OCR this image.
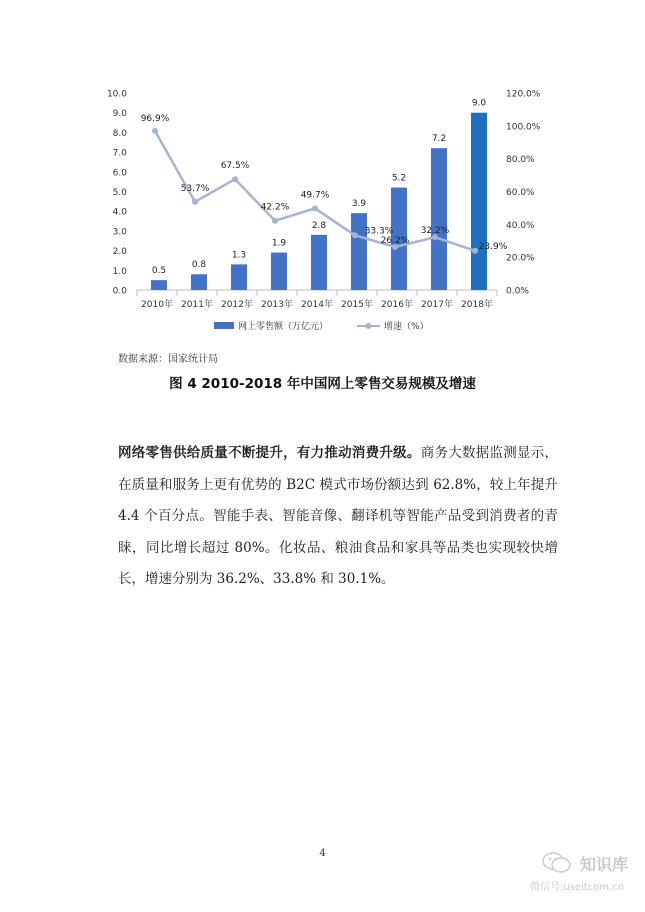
0.0
1.0
2.0
3.0
4.0
5.0
6.0
7.0
8.0
9.0
10.0
0.0%
20.0%
40.0%
60.0%
80.0%
100.0%
120.0%
2010年 2011年 2012年 2013年 2014年 2015年 2016年 2017年 2018年
0.5
0.8
1.3
1.9
2.8
3.9
5.2
7.2
9.0
96.9%
53.7%
67.5%
42.2%
49.7%
33.3%
26.2%
32.2%
23.9%
网上零售额（万亿元）	增速（%）
数据来源：国家统计局
图 4 2010-2018 年中国网上零售交易规模及增速
网络零售供给质量不断提升，有力推动消费升级。商务大数据监测显示，在质量和服务上更有优势的 B2C 模式市场份额达到 62.8%，较上年提升 4.4 个百分点。智能手表、智能音像、翻译机等智能产品受到消费者的青睐，同比增长超过 80%。化妆品、粮油食品和家具等品类也实现较快增长，增速分别为 36.2%、33.8% 和 30.1%。
4
知识库
微信号:useitcom.cn
